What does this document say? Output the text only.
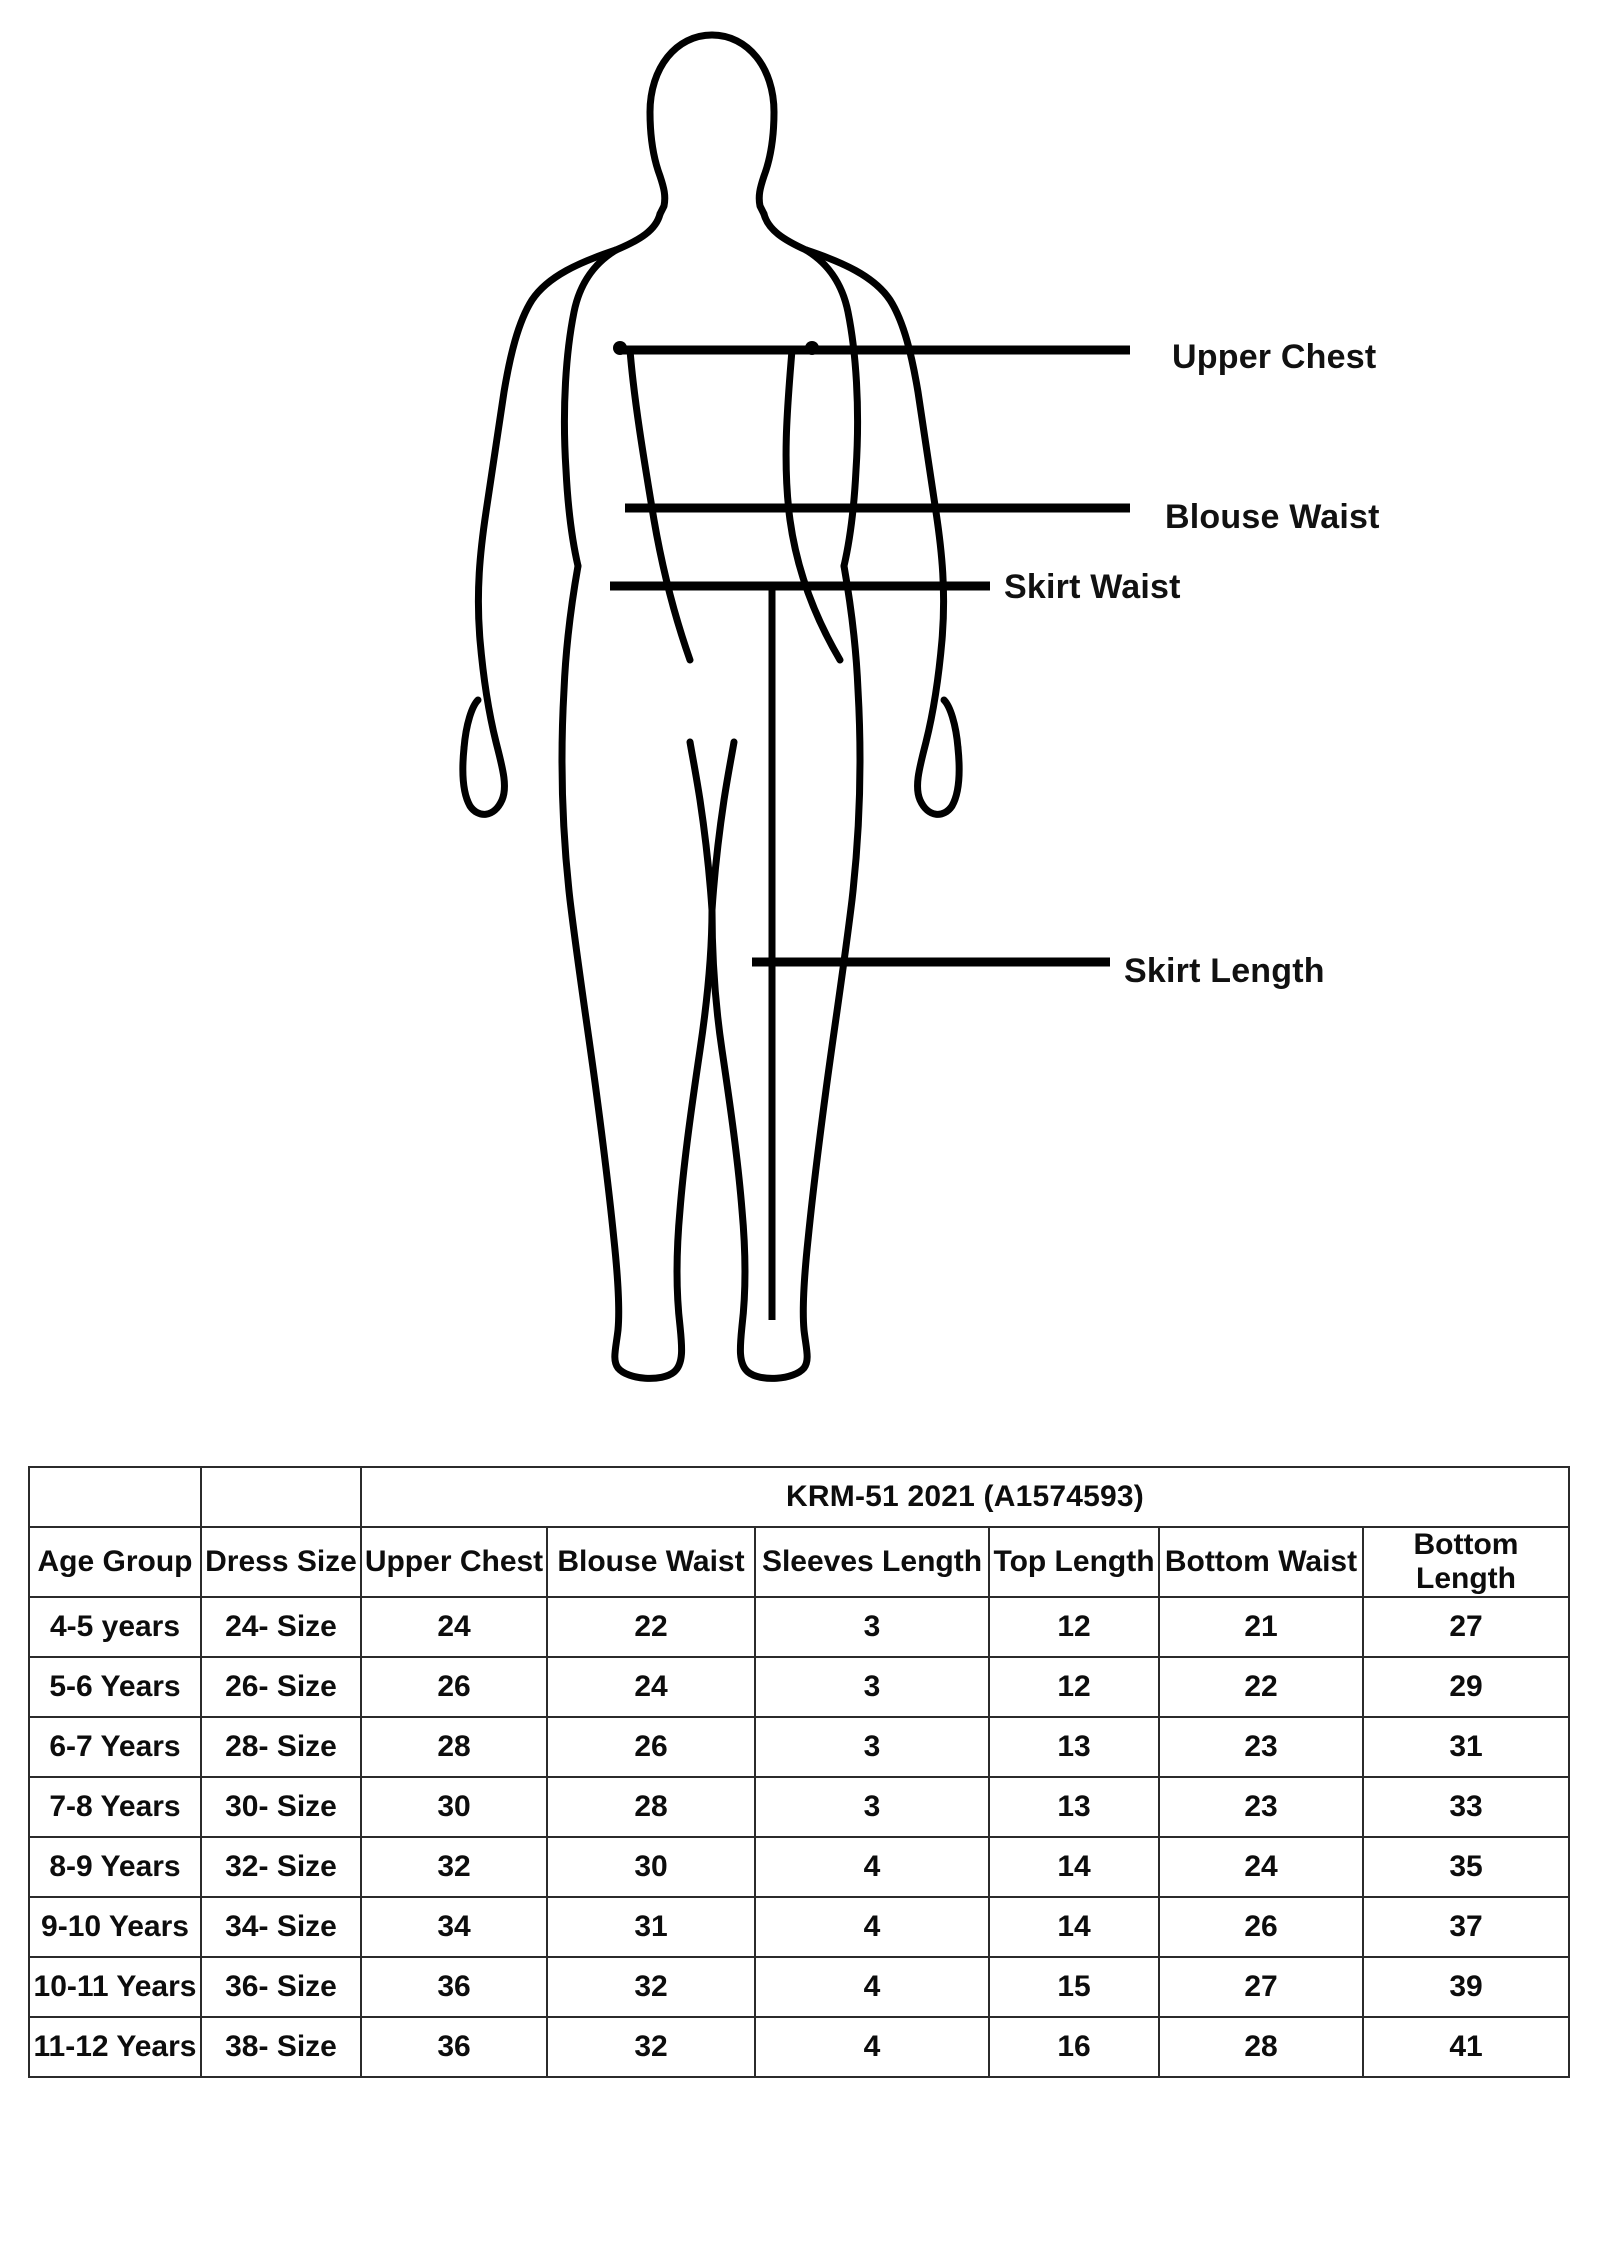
Upper Chest
Blouse Waist
Skirt Waist
Skirt Length
		KRM-51 2021 (A1574593)					
Age Group	Dress Size	Upper Chest	Blouse Waist	Sleeves Length	Top Length	Bottom Waist	Bottom Length
4-5 years	24- Size	24	22	3	12	21	27
5-6 Years	26- Size	26	24	3	12	22	29
6-7 Years	28- Size	28	26	3	13	23	31
7-8 Years	30- Size	30	28	3	13	23	33
8-9 Years	32- Size	32	30	4	14	24	35
9-10 Years	34- Size	34	31	4	14	26	37
10-11 Years	36- Size	36	32	4	15	27	39
11-12 Years	38- Size	36	32	4	16	28	41
